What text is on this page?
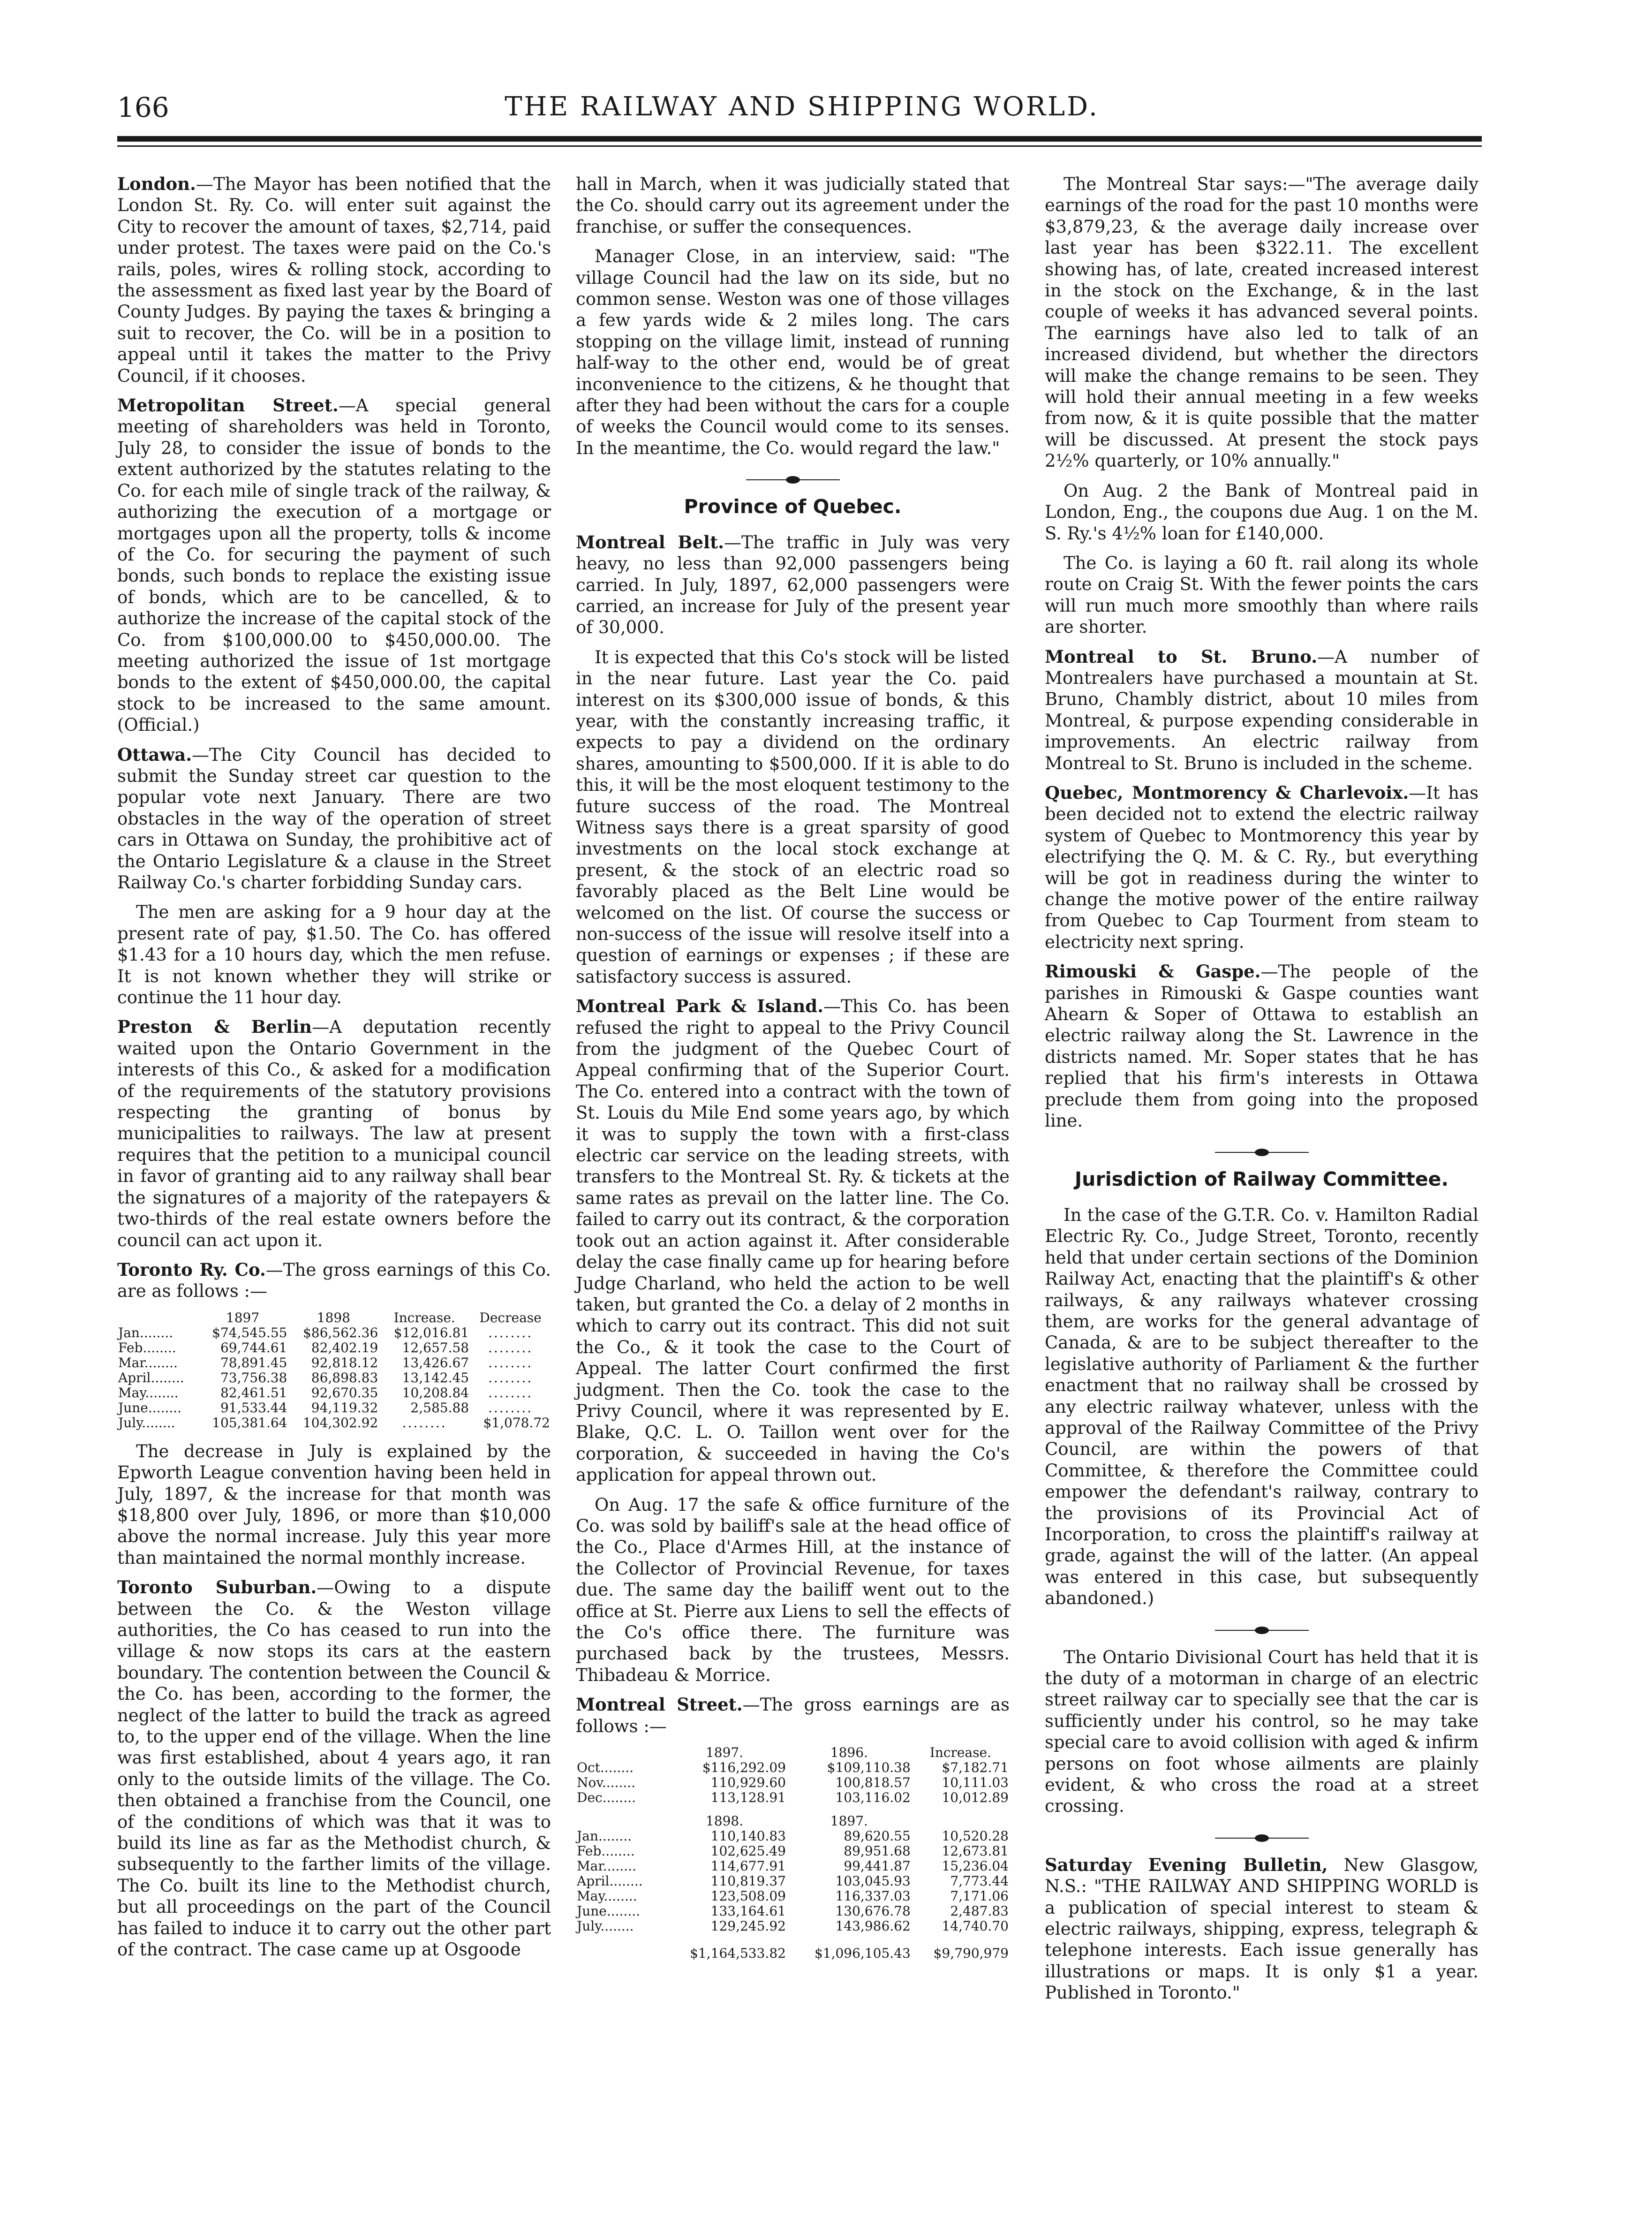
166	THE RAILWAY AND SHIPPING WORLD.

London.—The Mayor has been notified that the London St. Ry. Co. will enter suit against the City to recover the amount of taxes, $2,714, paid under protest. The taxes were paid on the Co.'s rails, poles, wires & rolling stock, according to the assessment as fixed last year by the Board of County Judges. By paying the taxes & bringing a suit to recover, the Co. will be in a position to appeal until it takes the matter to the Privy Council, if it chooses.

Metropolitan Street.—A special general meeting of shareholders was held in Toronto, July 28, to consider the issue of bonds to the extent authorized by the statutes relating to the Co. for each mile of single track of the railway, & authorizing the execution of a mortgage or mortgages upon all the property, tolls & income of the Co. for securing the payment of such bonds, such bonds to replace the existing issue of bonds, which are to be cancelled, & to authorize the increase of the capital stock of the Co. from $100,000.00 to $450,000.00. The meeting authorized the issue of 1st mortgage bonds to the extent of $450,000.00, the capital stock to be increased to the same amount. (Official.)

Ottawa.—The City Council has decided to submit the Sunday street car question to the popular vote next January. There are two obstacles in the way of the operation of street cars in Ottawa on Sunday, the prohibitive act of the Ontario Legislature & a clause in the Street Railway Co.'s charter forbidding Sunday cars.

The men are asking for a 9 hour day at the present rate of pay, $1.50. The Co. has offered $1.43 for a 10 hours day, which the men refuse. It is not known whether they will strike or continue the 11 hour day.

Preston & Berlin—A deputation recently waited upon the Ontario Government in the interests of this Co., & asked for a modification of the requirements of the statutory provisions respecting the granting of bonus by municipalities to railways. The law at present requires that the petition to a municipal council in favor of granting aid to any railway shall bear the signatures of a majority of the ratepayers & two-thirds of the real estate owners before the council can act upon it.

Toronto Ry. Co.—The gross earnings of this Co. are as follows :—

	1897	1898	Increase.	Decrease
Jan........	$74,545.55	$86,562.36	$12,016.81	........
Feb........	69,744.61	82,402.19	12,657.58	........
Mar........	78,891.45	92,818.12	13,426.67	........
April........	73,756.38	86,898.83	13,142.45	........
May........	82,461.51	92,670.35	10,208.84	........
June........	91,533.44	94,119.32	2,585.88	........
July........	105,381.64	104,302.92	........	$1,078.72

The decrease in July is explained by the Epworth League convention having been held in July, 1897, & the increase for that month was $18,800 over July, 1896, or more than $10,000 above the normal increase. July this year more than maintained the normal monthly increase.

Toronto Suburban.—Owing to a dispute between the Co. & the Weston village authorities, the Co has ceased to run into the village & now stops its cars at the eastern boundary. The contention between the Council & the Co. has been, according to the former, the neglect of the latter to build the track as agreed to, to the upper end of the village. When the line was first established, about 4 years ago, it ran only to the outside limits of the village. The Co. then obtained a franchise from the Council, one of the conditions of which was that it was to build its line as far as the Methodist church, & subsequently to the farther limits of the village. The Co. built its line to the Methodist church, but all proceedings on the part of the Council has failed to induce it to carry out the other part of the contract. The case came up at Osgoode

hall in March, when it was judicially stated that the Co. should carry out its agreement under the franchise, or suffer the consequences.

Manager Close, in an interview, said: "The village Council had the law on its side, but no common sense. Weston was one of those villages a few yards wide & 2 miles long. The cars stopping on the village limit, instead of running half-way to the other end, would be of great inconvenience to the citizens, & he thought that after they had been without the cars for a couple of weeks the Council would come to its senses. In the meantime, the Co. would regard the law."

Province of Quebec.

Montreal Belt.—The traffic in July was very heavy, no less than 92,000 passengers being carried. In July, 1897, 62,000 passengers were carried, an increase for July of the present year of 30,000.

It is expected that this Co's stock will be listed in the near future. Last year the Co. paid interest on its $300,000 issue of bonds, & this year, with the constantly increasing traffic, it expects to pay a dividend on the ordinary shares, amounting to $500,000. If it is able to do this, it will be the most eloquent testimony to the future success of the road. The Montreal Witness says there is a great sparsity of good investments on the local stock exchange at present, & the stock of an electric road so favorably placed as the Belt Line would be welcomed on the list. Of course the success or non-success of the issue will resolve itself into a question of earnings or expenses ; if these are satisfactory success is assured.

Montreal Park & Island.—This Co. has been refused the right to appeal to the Privy Council from the judgment of the Quebec Court of Appeal confirming that of the Superior Court. The Co. entered into a contract with the town of St. Louis du Mile End some years ago, by which it was to supply the town with a first-class electric car service on the leading streets, with transfers to the Montreal St. Ry. & tickets at the same rates as prevail on the latter line. The Co. failed to carry out its contract, & the corporation took out an action against it. After considerable delay the case finally came up for hearing before Judge Charland, who held the action to be well taken, but granted the Co. a delay of 2 months in which to carry out its contract. This did not suit the Co., & it took the case to the Court of Appeal. The latter Court confirmed the first judgment. Then the Co. took the case to the Privy Council, where it was represented by E. Blake, Q.C. L. O. Taillon went over for the corporation, & succeeded in having the Co's application for appeal thrown out.

On Aug. 17 the safe & office furniture of the Co. was sold by bailiff's sale at the head office of the Co., Place d'Armes Hill, at the instance of the Collector of Provincial Revenue, for taxes due. The same day the bailiff went out to the office at St. Pierre aux Liens to sell the effects of the Co's office there. The furniture was purchased back by the trustees, Messrs. Thibadeau & Morrice.

Montreal Street.—The gross earnings are as follows :—

	1897.	1896.	Increase.
Oct........	$116,292.09	$109,110.38	$7,182.71
Nov........	110,929.60	100,818.57	10,111.03
Dec........	113,128.91	103,116.02	10,012.89
	1898.	1897.	
Jan........	110,140.83	89,620.55	10,520.28
Feb........	102,625.49	89,951.68	12,673.81
Mar........	114,677.91	99,441.87	15,236.04
April........	110,819.37	103,045.93	7,773.44
May........	123,508.09	116,337.03	7,171.06
June........	133,164.61	130,676.78	2,487.83
July........	129,245.92	143,986.62	14,740.70
	$1,164,533.82	$1,096,105.43	$9,790,979

The Montreal Star says:—"The average daily earnings of the road for the past 10 months were $3,879,23, & the average daily increase over last year has been $322.11. The excellent showing has, of late, created increased interest in the stock on the Exchange, & in the last couple of weeks it has advanced several points. The earnings have also led to talk of an increased dividend, but whether the directors will make the change remains to be seen. They will hold their annual meeting in a few weeks from now, & it is quite possible that the matter will be discussed. At present the stock pays 2½% quarterly, or 10% annually."

On Aug. 2 the Bank of Montreal paid in London, Eng., the coupons due Aug. 1 on the M. S. Ry.'s 4½% loan for £140,000.

The Co. is laying a 60 ft. rail along its whole route on Craig St. With the fewer points the cars will run much more smoothly than where rails are shorter.

Montreal to St. Bruno.—A number of Montrealers have purchased a mountain at St. Bruno, Chambly district, about 10 miles from Montreal, & purpose expending considerable in improvements. An electric railway from Montreal to St. Bruno is included in the scheme.

Quebec, Montmorency & Charlevoix.—It has been decided not to extend the electric railway system of Quebec to Montmorency this year by electrifying the Q. M. & C. Ry., but everything will be got in readiness during the winter to change the motive power of the entire railway from Quebec to Cap Tourment from steam to electricity next spring.

Rimouski & Gaspe.—The people of the parishes in Rimouski & Gaspe counties want Ahearn & Soper of Ottawa to establish an electric railway along the St. Lawrence in the districts named. Mr. Soper states that he has replied that his firm's interests in Ottawa preclude them from going into the proposed line.

Jurisdiction of Railway Committee.

In the case of the G.T.R. Co. v. Hamilton Radial Electric Ry. Co., Judge Street, Toronto, recently held that under certain sections of the Dominion Railway Act, enacting that the plaintiff's & other railways, & any railways whatever crossing them, are works for the general advantage of Canada, & are to be subject thereafter to the legislative authority of Parliament & the further enactment that no railway shall be crossed by any electric railway whatever, unless with the approval of the Railway Committee of the Privy Council, are within the powers of that Committee, & therefore the Committee could empower the defendant's railway, contrary to the provisions of its Provincial Act of Incorporation, to cross the plaintiff's railway at grade, against the will of the latter. (An appeal was entered in this case, but subsequently abandoned.)

The Ontario Divisional Court has held that it is the duty of a motorman in charge of an electric street railway car to specially see that the car is sufficiently under his control, so he may take special care to avoid collision with aged & infirm persons on foot whose ailments are plainly evident, & who cross the road at a street crossing.

Saturday Evening Bulletin, New Glasgow, N.S.: "THE RAILWAY AND SHIPPING WORLD is a publication of special interest to steam & electric railways, shipping, express, telegraph & telephone interests. Each issue generally has illustrations or maps. It is only $1 a year. Published in Toronto."
